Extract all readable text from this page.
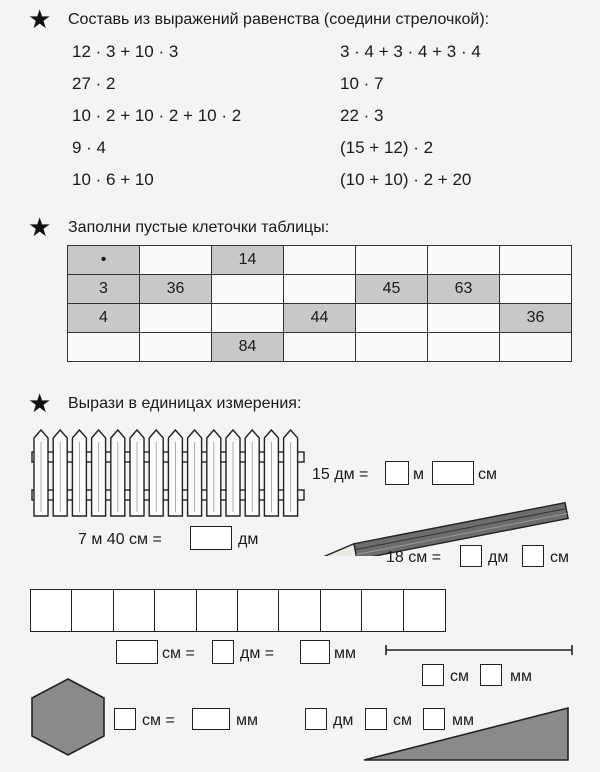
★ Составь из выражений равенства (соедини стрелочкой):
12 · 3 + 10 · 3
27 · 2
10 · 2 + 10 · 2 + 10 · 2
9 · 4
10 · 6 + 10
3 · 4 + 3 · 4 + 3 · 4
10 · 7
22 · 3
(15 + 12) · 2
(10 + 10) · 2 + 20
★ Заполни пустые клеточки таблицы:
•		14				
3	36			45	63	
4			44			36
		84				
★ Вырази в единицах измерения:
15 дм =	м	см
7 м 40 см =	дм
18 см =	дм	см
см =	дм =	мм
см	мм
см =	мм	дм см	мм
